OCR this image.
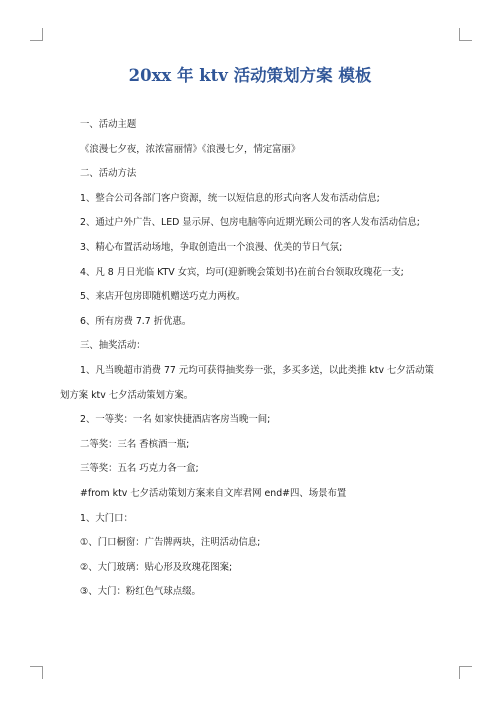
20xx 年 ktv 活动策划方案 模板

一、活动主题

《浪漫七夕夜，浓浓富丽情》《浪漫七夕，情定富丽》

二、活动方法

1、整合公司各部门客户资源，统一以短信息的形式向客人发布活动信息;

2、通过户外广告、LED 显示屏、包房电脑等向近期光顾公司的客人发布活动信息;

3、精心布置活动场地，争取创造出一个浪漫、优美的节日气氛;

4、凡 8 月日光临 KTV 女宾，均可(迎新晚会策划书)在前台台领取玫瑰花一支;

5、来店开包房即随机赠送巧克力两枚。

6、所有房费 7.7 折优惠。

三、抽奖活动：

1、凡当晚超市消费 77 元均可获得抽奖券一张，多买多送，以此类推 ktv 七夕活动策划方案 ktv 七夕活动策划方案。

2、一等奖：一名 如家快捷酒店客房当晚一间;

二等奖：三名 香槟酒一瓶;

三等奖：五名 巧克力各一盒;

#from ktv 七夕活动策划方案来自文库君网 end#四、场景布置

1、大门口：

①、门口橱窗：广告牌两块，注明活动信息;

②、大门玻璃：贴心形及玫瑰花图案;

③、大门：粉红色气球点缀。
